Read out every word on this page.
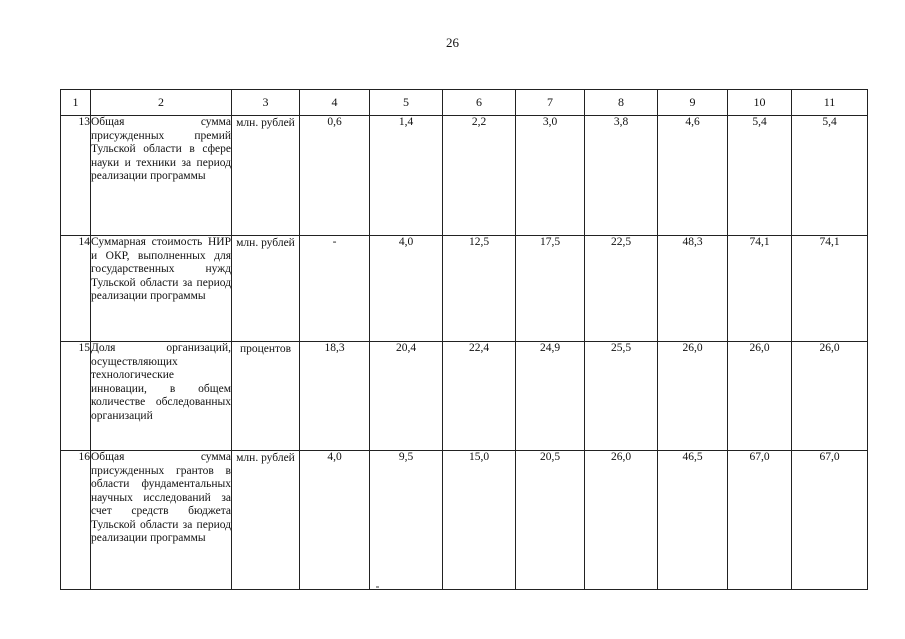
26
1	2	3	4	5	6	7	8	9	10	11
13	Общая сумма присужденных премий Тульской области в сфере науки и техники за период реализации программы	млн. рублей	0,6	1,4	2,2	3,0	3,8	4,6	5,4	5,4
14	Суммарная стоимость НИР и ОКР, выполненных для государственных нужд Тульской области за период реализации программы	млн. рублей	-	4,0	12,5	17,5	22,5	48,3	74,1	74,1
15	Доля организаций, осуществляющих технологические инновации, в общем количестве обследованных организаций	процентов	18,3	20,4	22,4	24,9	25,5	26,0	26,0	26,0
16	Общая сумма присужденных грантов в области фундаментальных научных исследований за счет средств бюджета Тульской области за период реализации программы	млн. рублей	4,0	9,5	15,0	20,5	26,0	46,5	67,0	67,0
